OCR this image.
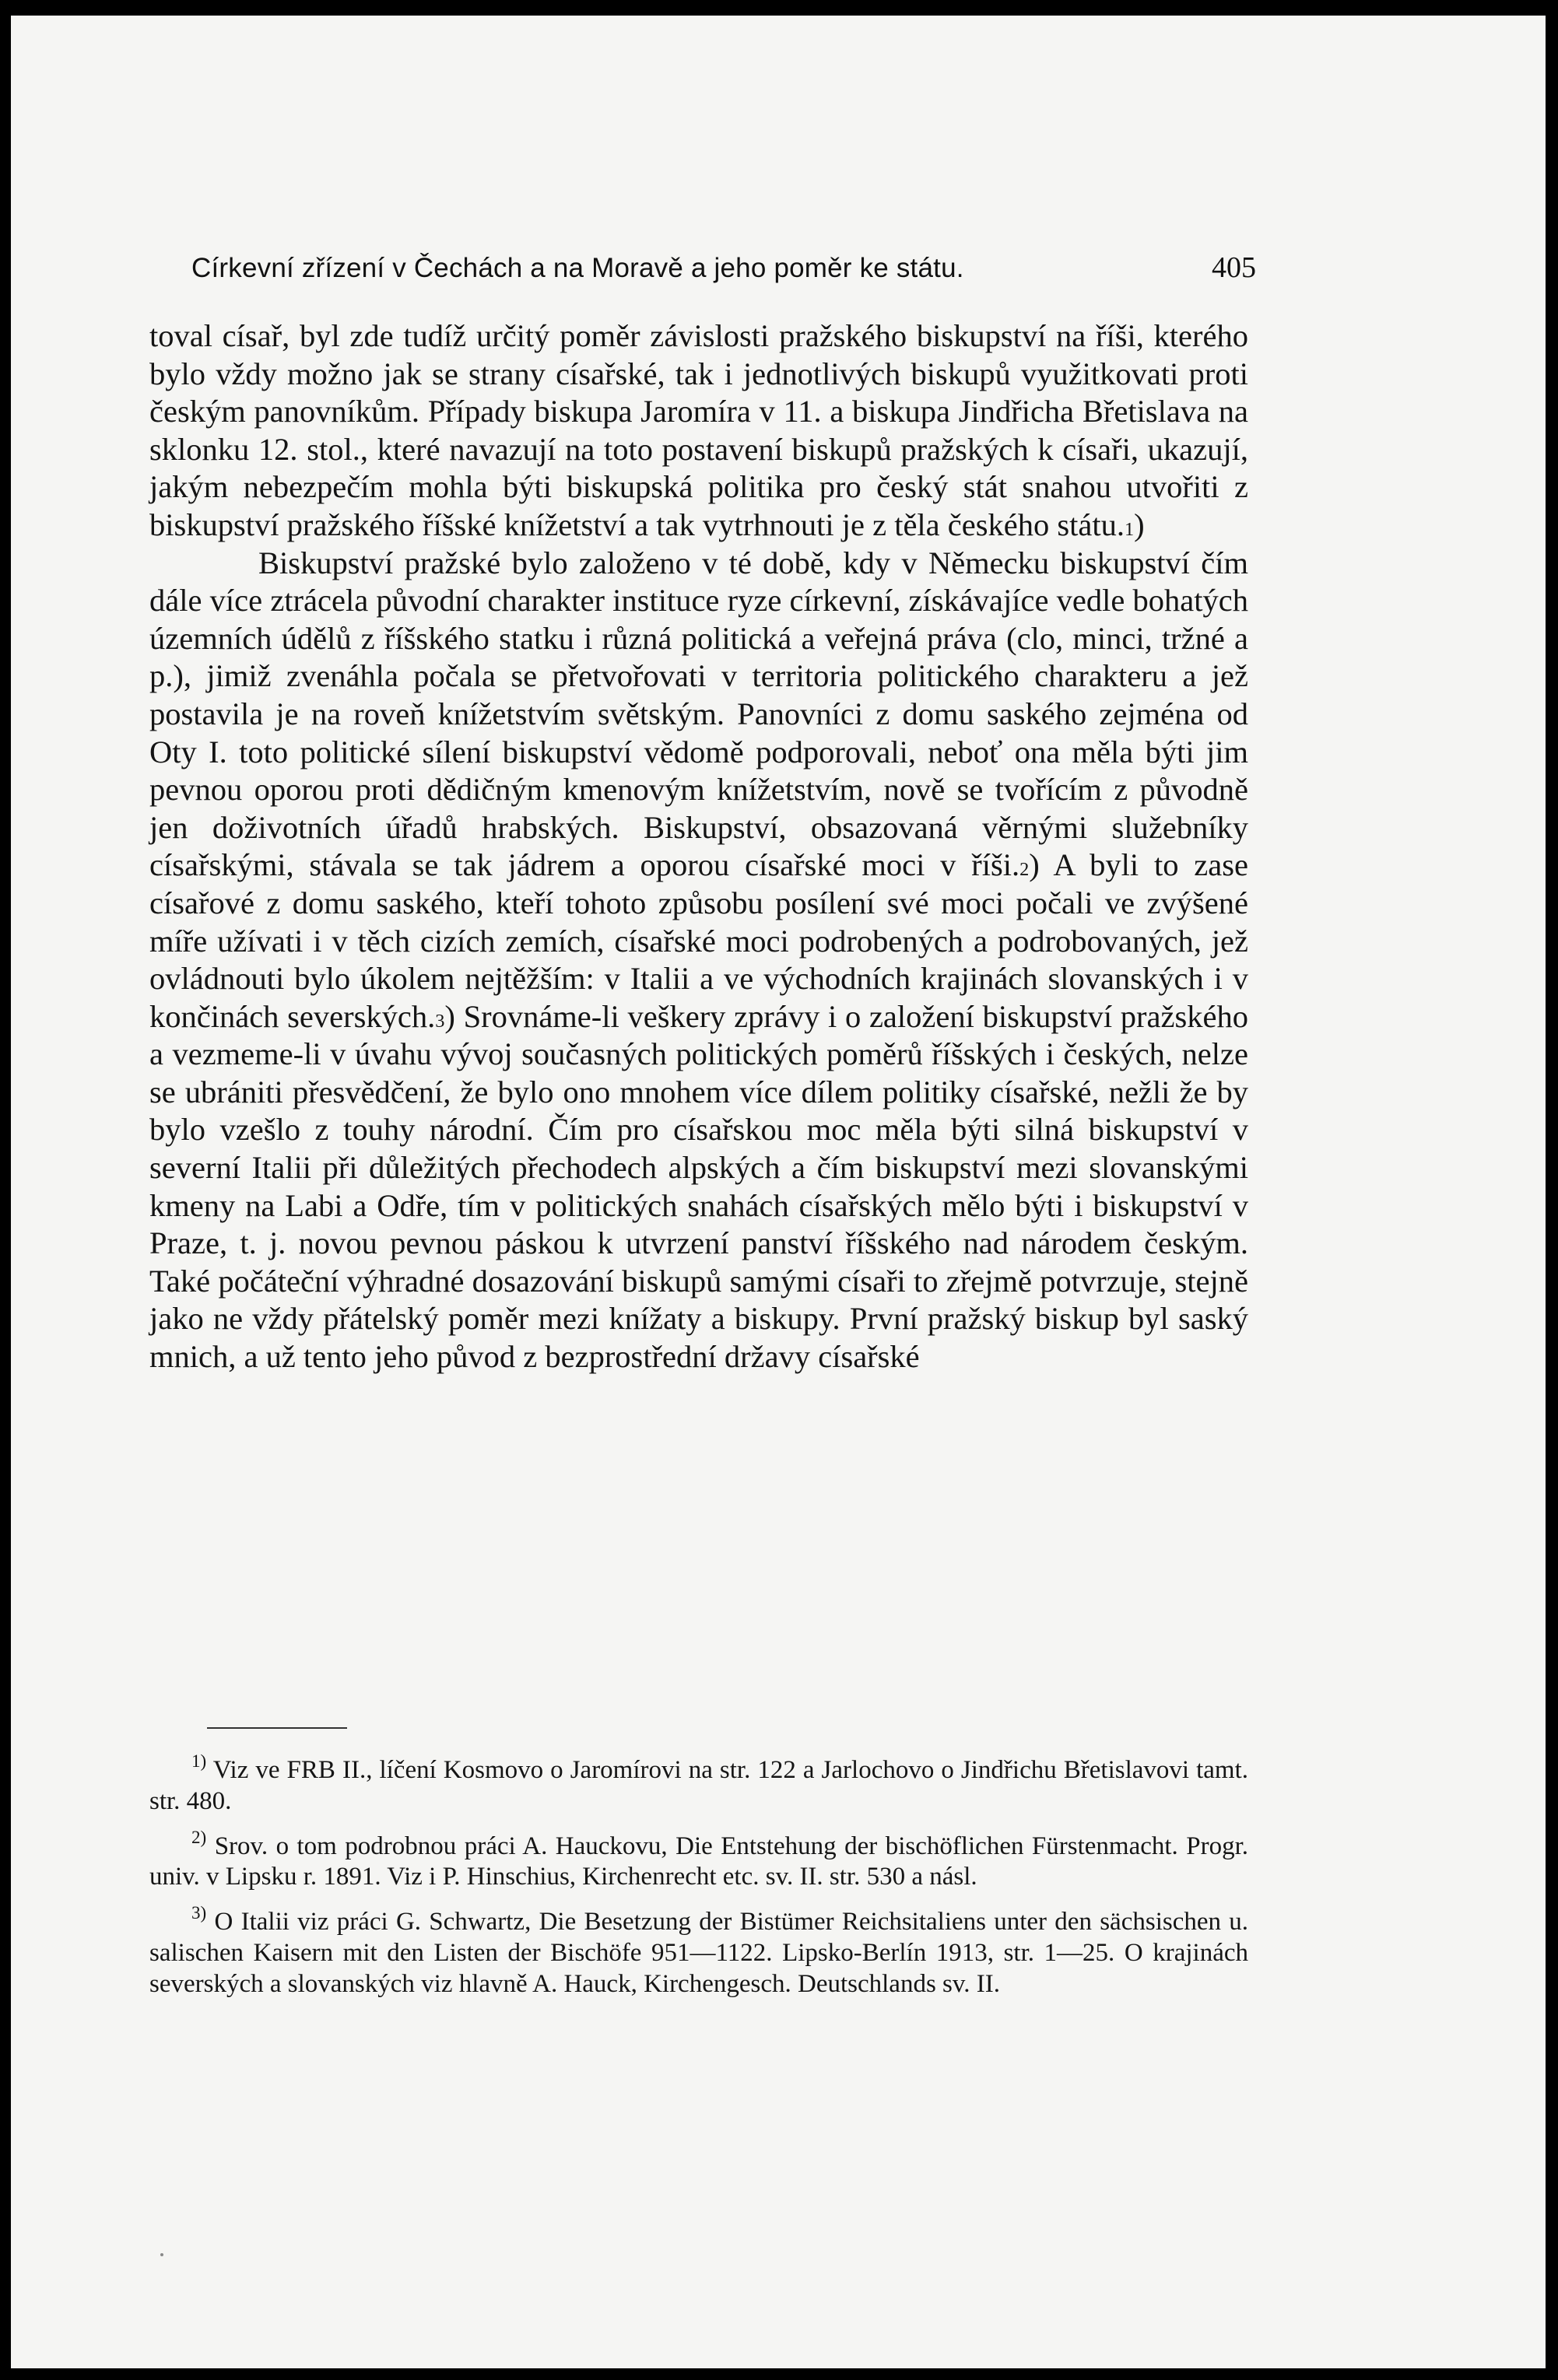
Církevní zřízení v Čechách a na Moravě a jeho poměr ke státu.	405

toval císař, byl zde tudíž určitý poměr závislosti pražského biskupství na říši, kterého bylo vždy možno jak se strany císařské, tak i jednotlivých biskupů využitkovati proti českým panovníkům. Případy biskupa Jaromíra v 11. a biskupa Jindřicha Břetislava na sklonku 12. stol., které navazují na toto postavení biskupů pražských k císaři, ukazují, jakým nebezpečím mohla býti biskupská politika pro český stát snahou utvořiti z biskupství pražského říšské knížetství a tak vytrhnouti je z těla českého státu.$^1$)

Biskupství pražské bylo založeno v té době, kdy v Německu biskupství čím dále více ztrácela původní charakter instituce ryze církevní, získávajíce vedle bohatých územních údělů z říšského statku i různá politická a veřejná práva (clo, minci, tržné a p.), jimiž zvenáhla počala se přetvořovati v territoria politického charakteru a jež postavila je na roveň knížetstvím světským. Panovníci z domu saského zejména od Oty I. toto politické sílení biskupství vědomě podporovali, neboť ona měla býti jim pevnou oporou proti dědičným kmenovým knížetstvím, nově se tvořícím z původně jen doživotních úřadů hrabských. Biskupství, obsazovaná věrnými služebníky císařskými, stávala se tak jádrem a oporou císařské moci v říši.$^2$) A byli to zase císařové z domu saského, kteří tohoto způsobu posílení své moci počali ve zvýšené míře užívati i v těch cizích zemích, císařské moci podrobených a podrobovaných, jež ovládnouti bylo úkolem nejtěžším: v Italii a ve východních krajinách slovanských i v končinách severských.$^3$) Srovnáme-li veškery zprávy i o založení biskupství pražského a vezmeme-li v úvahu vývoj současných politických poměrů říšských i českých, nelze se ubrániti přesvědčení, že bylo ono mnohem více dílem politiky císařské, nežli že by bylo vzešlo z touhy národní. Čím pro císařskou moc měla býti silná biskupství v severní Italii při důležitých přechodech alpských a čím biskupství mezi slovanskými kmeny na Labi a Odře, tím v politických snahách císařských mělo býti i biskupství v Praze, t. j. novou pevnou páskou k utvrzení panství říšského nad národem českým. Také počáteční výhradné dosazování biskupů samými císaři to zřejmě potvrzuje, stejně jako ne vždy přátelský poměr mezi knížaty a biskupy. První pražský biskup byl saský mnich, a už tento jeho původ z bezprostřední državy císařské

$^{1)}$ Viz ve FRB II., líčení Kosmovo o Jaromírovi na str. 122 a Jarlochovo o Jindřichu Břetislavovi tamt. str. 480.

$^{2)}$ Srov. o tom podrobnou práci A. Hauckovu, Die Entstehung der bischöflichen Fürstenmacht. Progr. univ. v Lipsku r. 1891. Viz i P. Hinschius, Kirchenrecht etc. sv. II. str. 530 a násl.

$^{3)}$ O Italii viz práci G. Schwartz, Die Besetzung der Bistümer Reichsitaliens unter den sächsischen u. salischen Kaisern mit den Listen der Bischöfe 951—1122. Lipsko-Berlín 1913, str. 1—25. O krajinách severských a slovanských viz hlavně A. Hauck, Kirchengesch. Deutschlands sv. II.
